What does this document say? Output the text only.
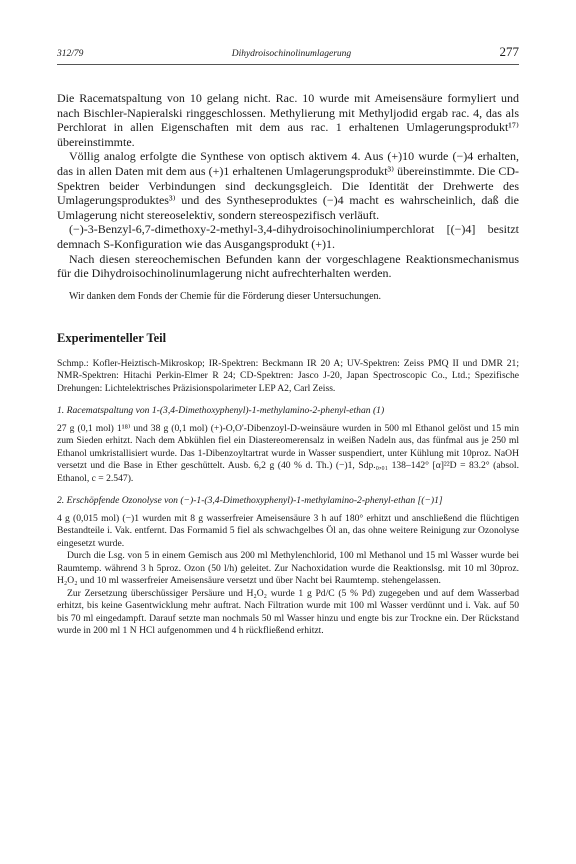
312/79	Dihydroisochinolinumlagerung	277

Die Racematspaltung von 10 gelang nicht. Rac. 10 wurde mit Ameisensäure formyliert und nach Bischler-Napieralski ringgeschlossen. Methylierung mit Methyljodid ergab rac. 4, das als Perchlorat in allen Eigenschaften mit dem aus rac. 1 erhaltenen Umlagerungsprodukt¹⁷⁾ übereinstimmte.

Völlig analog erfolgte die Synthese von optisch aktivem 4. Aus (+)10 wurde (−)4 erhalten, das in allen Daten mit dem aus (+)1 erhaltenen Umlagerungsprodukt³⁾ übereinstimmte. Die CD-Spektren beider Verbindungen sind deckungsgleich. Die Identität der Drehwerte des Umlagerungsproduktes³⁾ und des Syntheseproduktes (−)4 macht es wahrscheinlich, daß die Umlagerung nicht stereoselektiv, sondern stereospezifisch verläuft.

(−)-3-Benzyl-6,7-dimethoxy-2-methyl-3,4-dihydroisochinoliniumperchlorat [(−)4] besitzt demnach S-Konfiguration wie das Ausgangsprodukt (+)1.

Nach diesen stereochemischen Befunden kann der vorgeschlagene Reaktionsmechanismus für die Dihydroisochinolinumlagerung nicht aufrechterhalten werden.

Wir danken dem Fonds der Chemie für die Förderung dieser Untersuchungen.

Experimenteller Teil

Schmp.: Kofler-Heiztisch-Mikroskop; IR-Spektren: Beckmann IR 20 A; UV-Spektren: Zeiss PMQ II und DMR 21; NMR-Spektren: Hitachi Perkin-Elmer R 24; CD-Spektren: Jasco J-20, Japan Spectroscopic Co., Ltd.; Spezifische Drehungen: Lichtelektrisches Präzisionspolarimeter LEP A2, Carl Zeiss.

1. Racematspaltung von 1-(3,4-Dimethoxyphenyl)-1-methylamino-2-phenyl-ethan (1)

27 g (0,1 mol) 1¹⁸⁾ und 38 g (0,1 mol) (+)-O,O'-Dibenzoyl-D-weinsäure wurden in 500 ml Ethanol gelöst und 15 min zum Sieden erhitzt. Nach dem Abkühlen fiel ein Diastereomerensalz in weißen Nadeln aus, das fünfmal aus je 250 ml Ethanol umkristallisiert wurde. Das 1-Dibenzoyltartrat wurde in Wasser suspendiert, unter Kühlung mit 10proz. NaOH versetzt und die Base in Ether geschüttelt. Ausb. 6,2 g (40 % d. Th.) (−)1, Sdp.₀,₀₁ 138–142° [α]²²D = 83.2° (absol. Ethanol, c = 2.547).

2. Erschöpfende Ozonolyse von (−)-1-(3,4-Dimethoxyphenyl)-1-methylamino-2-phenyl-ethan [(−)1]

4 g (0,015 mol) (−)1 wurden mit 8 g wasserfreier Ameisensäure 3 h auf 180° erhitzt und anschließend die flüchtigen Bestandteile i. Vak. entfernt. Das Formamid 5 fiel als schwachgelbes Öl an, das ohne weitere Reinigung zur Ozonolyse eingesetzt wurde.

Durch die Lsg. von 5 in einem Gemisch aus 200 ml Methylenchlorid, 100 ml Methanol und 15 ml Wasser wurde bei Raumtemp. während 3 h 5proz. Ozon (50 l/h) geleitet. Zur Nachoxidation wurde die Reaktionslsg. mit 10 ml 30proz. H₂O₂ und 10 ml wasserfreier Ameisensäure versetzt und über Nacht bei Raumtemp. stehengelassen.

Zur Zersetzung überschüssiger Persäure und H₂O₂ wurde 1 g Pd/C (5 % Pd) zugegeben und auf dem Wasserbad erhitzt, bis keine Gasentwicklung mehr auftrat. Nach Filtration wurde mit 100 ml Wasser verdünnt und i. Vak. auf 50 bis 70 ml eingedampft. Darauf setzte man nochmals 50 ml Wasser hinzu und engte bis zur Trockne ein. Der Rückstand wurde in 200 ml 1 N HCl aufgenommen und 4 h rückfließend erhitzt.
